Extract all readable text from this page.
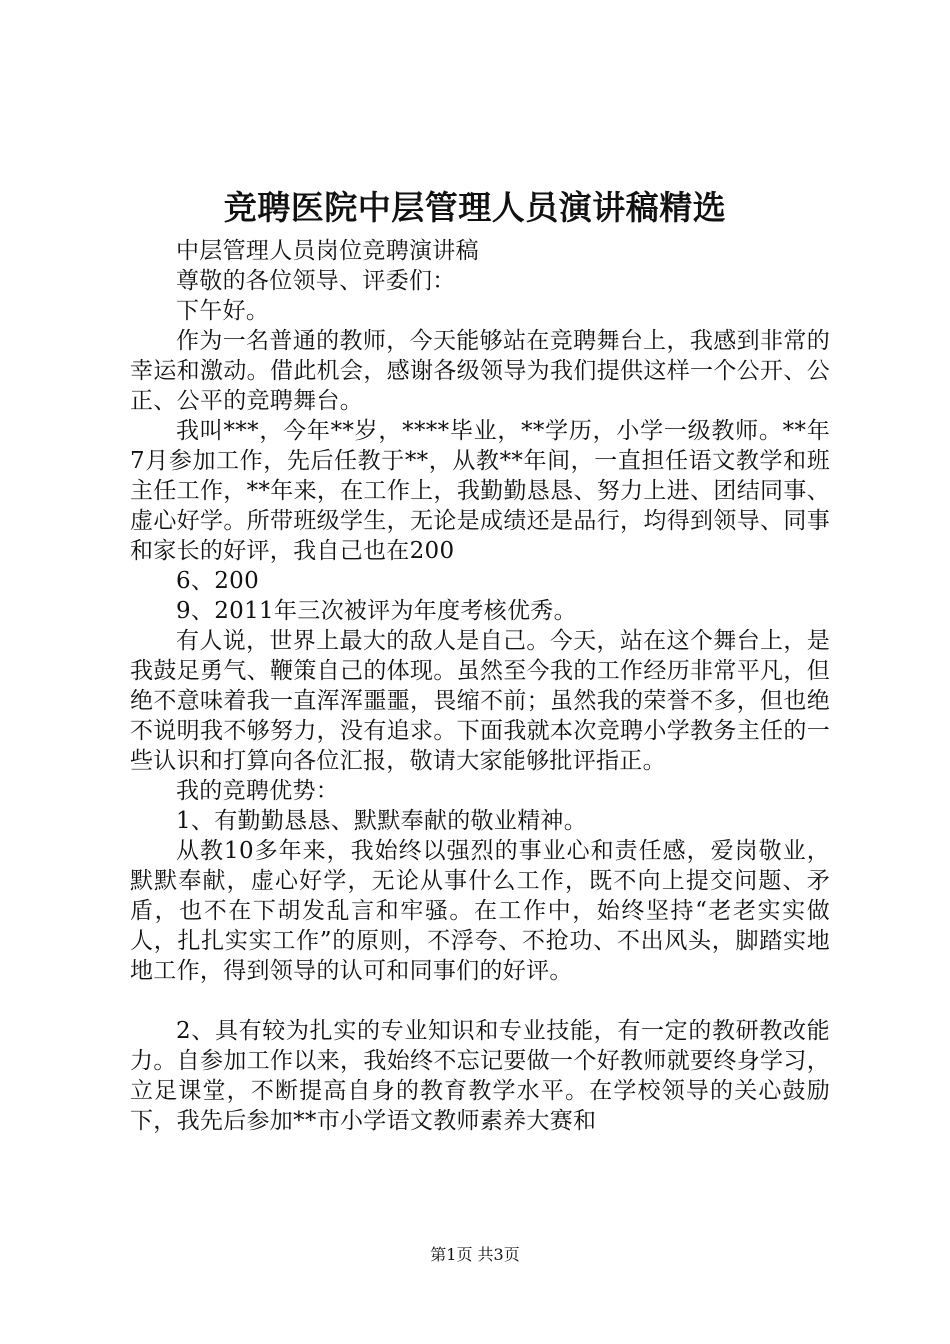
竞聘医院中层管理人员演讲稿精选

中层管理人员岗位竞聘演讲稿

尊敬的各位领导、评委们：

下午好。

作为一名普通的教师，今天能够站在竞聘舞台上，我感到非常的幸运和激动。借此机会，感谢各级领导为我们提供这样一个公开、公正、公平的竞聘舞台。

我叫***，今年**岁，****毕业，**学历，小学一级教师。**年7月参加工作，先后任教于**，从教**年间，一直担任语文教学和班主任工作，**年来，在工作上，我勤勤恳恳、努力上进、团结同事、虚心好学。所带班级学生，无论是成绩还是品行，均得到领导、同事和家长的好评，我自己也在200

6、200

9、2011年三次被评为年度考核优秀。

有人说，世界上最大的敌人是自己。今天，站在这个舞台上，是我鼓足勇气、鞭策自己的体现。虽然至今我的工作经历非常平凡，但绝不意味着我一直浑浑噩噩，畏缩不前；虽然我的荣誉不多，但也绝不说明我不够努力，没有追求。下面我就本次竞聘小学教务主任的一些认识和打算向各位汇报，敬请大家能够批评指正。

我的竞聘优势：

1、有勤勤恳恳、默默奉献的敬业精神。

从教10多年来，我始终以强烈的事业心和责任感，爱岗敬业，默默奉献，虚心好学，无论从事什么工作，既不向上提交问题、矛盾，也不在下胡发乱言和牢骚。在工作中，始终坚持“老老实实做人，扎扎实实工作”的原则，不浮夸、不抢功、不出风头，脚踏实地地工作，得到领导的认可和同事们的好评。

2、具有较为扎实的专业知识和专业技能，有一定的教研教改能力。自参加工作以来，我始终不忘记要做一个好教师就要终身学习，立足课堂，不断提高自身的教育教学水平。在学校领导的关心鼓励下，我先后参加**市小学语文教师素养大赛和

第1页 共3页
